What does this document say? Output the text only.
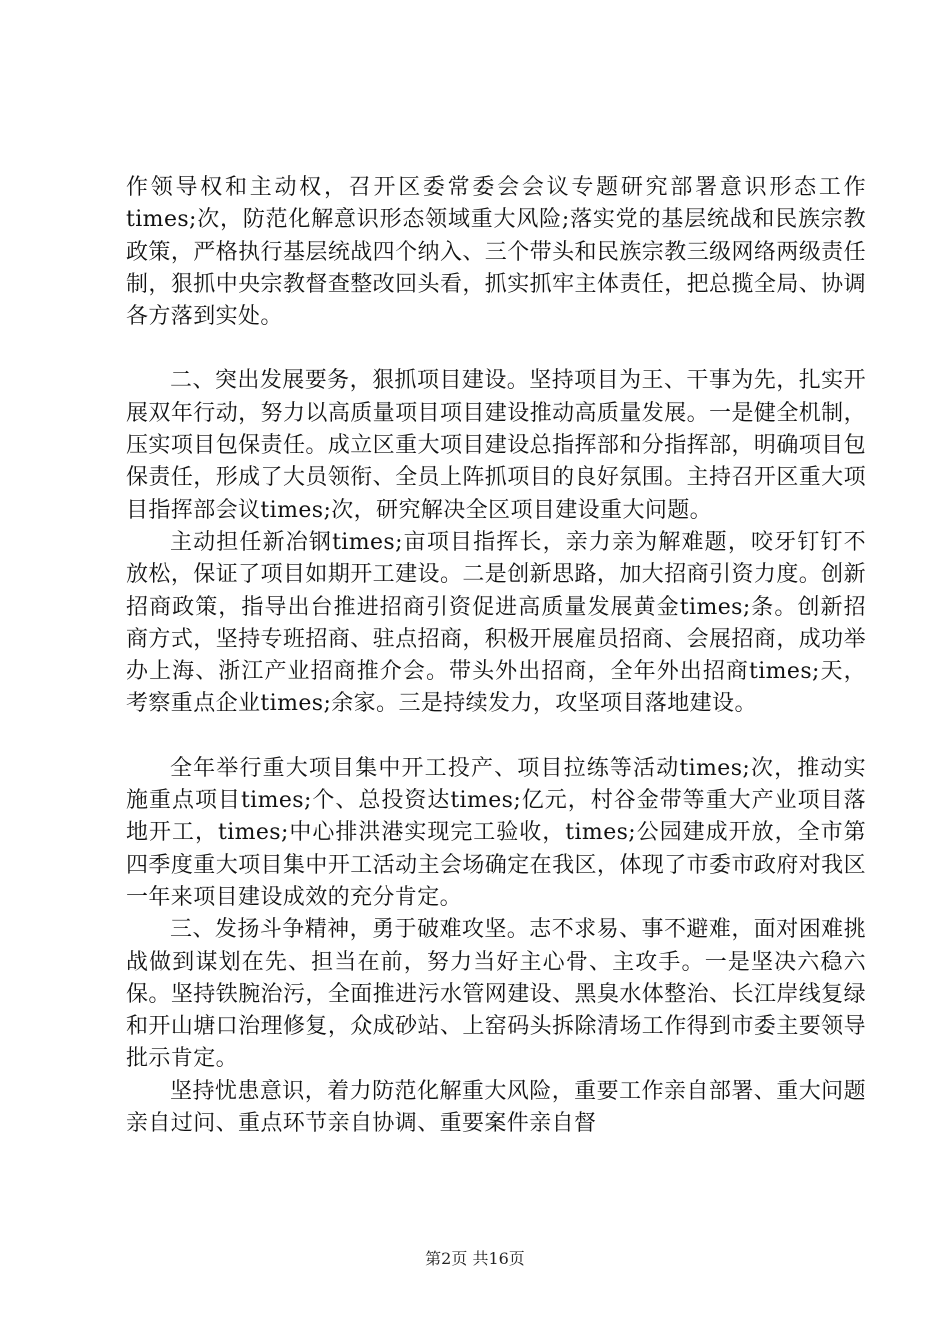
作领导权和主动权，召开区委常委会会议专题研究部署意识形态工作times;次，防范化解意识形态领域重大风险;落实党的基层统战和民族宗教政策，严格执行基层统战四个纳入、三个带头和民族宗教三级网络两级责任制，狠抓中央宗教督查整改回头看，抓实抓牢主体责任，把总揽全局、协调各方落到实处。

二、突出发展要务，狠抓项目建设。坚持项目为王、干事为先，扎实开展双年行动，努力以高质量项目项目建设推动高质量发展。一是健全机制，压实项目包保责任。成立区重大项目建设总指挥部和分指挥部，明确项目包保责任，形成了大员领衔、全员上阵抓项目的良好氛围。主持召开区重大项目指挥部会议times;次，研究解决全区项目建设重大问题。

主动担任新冶钢times;亩项目指挥长，亲力亲为解难题，咬牙钉钉不放松，保证了项目如期开工建设。二是创新思路，加大招商引资力度。创新招商政策，指导出台推进招商引资促进高质量发展黄金times;条。创新招商方式，坚持专班招商、驻点招商，积极开展雇员招商、会展招商，成功举办上海、浙江产业招商推介会。带头外出招商，全年外出招商times;天，考察重点企业times;余家。三是持续发力，攻坚项目落地建设。

全年举行重大项目集中开工投产、项目拉练等活动times;次，推动实施重点项目times;个、总投资达times;亿元，村谷金带等重大产业项目落地开工，times;中心排洪港实现完工验收，times;公园建成开放，全市第四季度重大项目集中开工活动主会场确定在我区，体现了市委市政府对我区一年来项目建设成效的充分肯定。

三、发扬斗争精神，勇于破难攻坚。志不求易、事不避难，面对困难挑战做到谋划在先、担当在前，努力当好主心骨、主攻手。一是坚决六稳六保。坚持铁腕治污，全面推进污水管网建设、黑臭水体整治、长江岸线复绿和开山塘口治理修复，众成砂站、上窑码头拆除清场工作得到市委主要领导批示肯定。

坚持忧患意识，着力防范化解重大风险，重要工作亲自部署、重大问题亲自过问、重点环节亲自协调、重要案件亲自督

第2页 共16页
